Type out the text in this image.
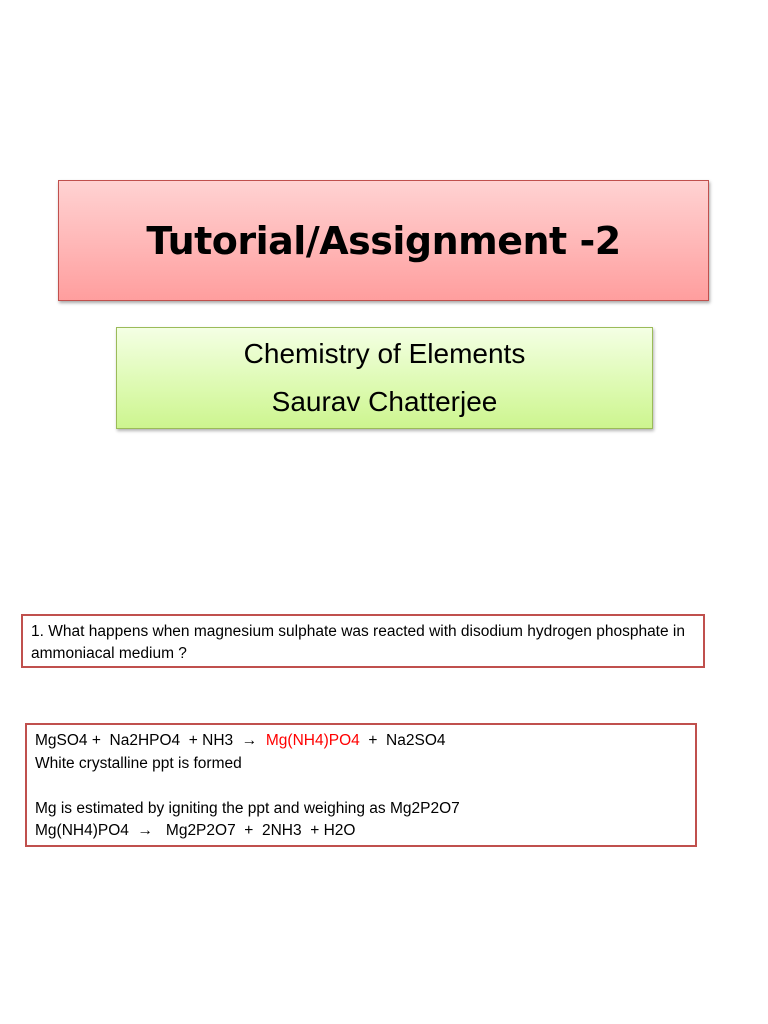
Tutorial/Assignment -2
Chemistry of Elements
Saurav Chatterjee
1. What happens when magnesium sulphate was reacted with disodium hydrogen phosphate in ammoniacal medium ?
MgSO4 +  Na2HPO4  + NH3  →  Mg(NH4)PO4  +  Na2SO4
White crystalline ppt is formed
Mg is estimated by igniting the ppt and weighing as Mg2P2O7
Mg(NH4)PO4  →   Mg2P2O7  +  2NH3  + H2O
